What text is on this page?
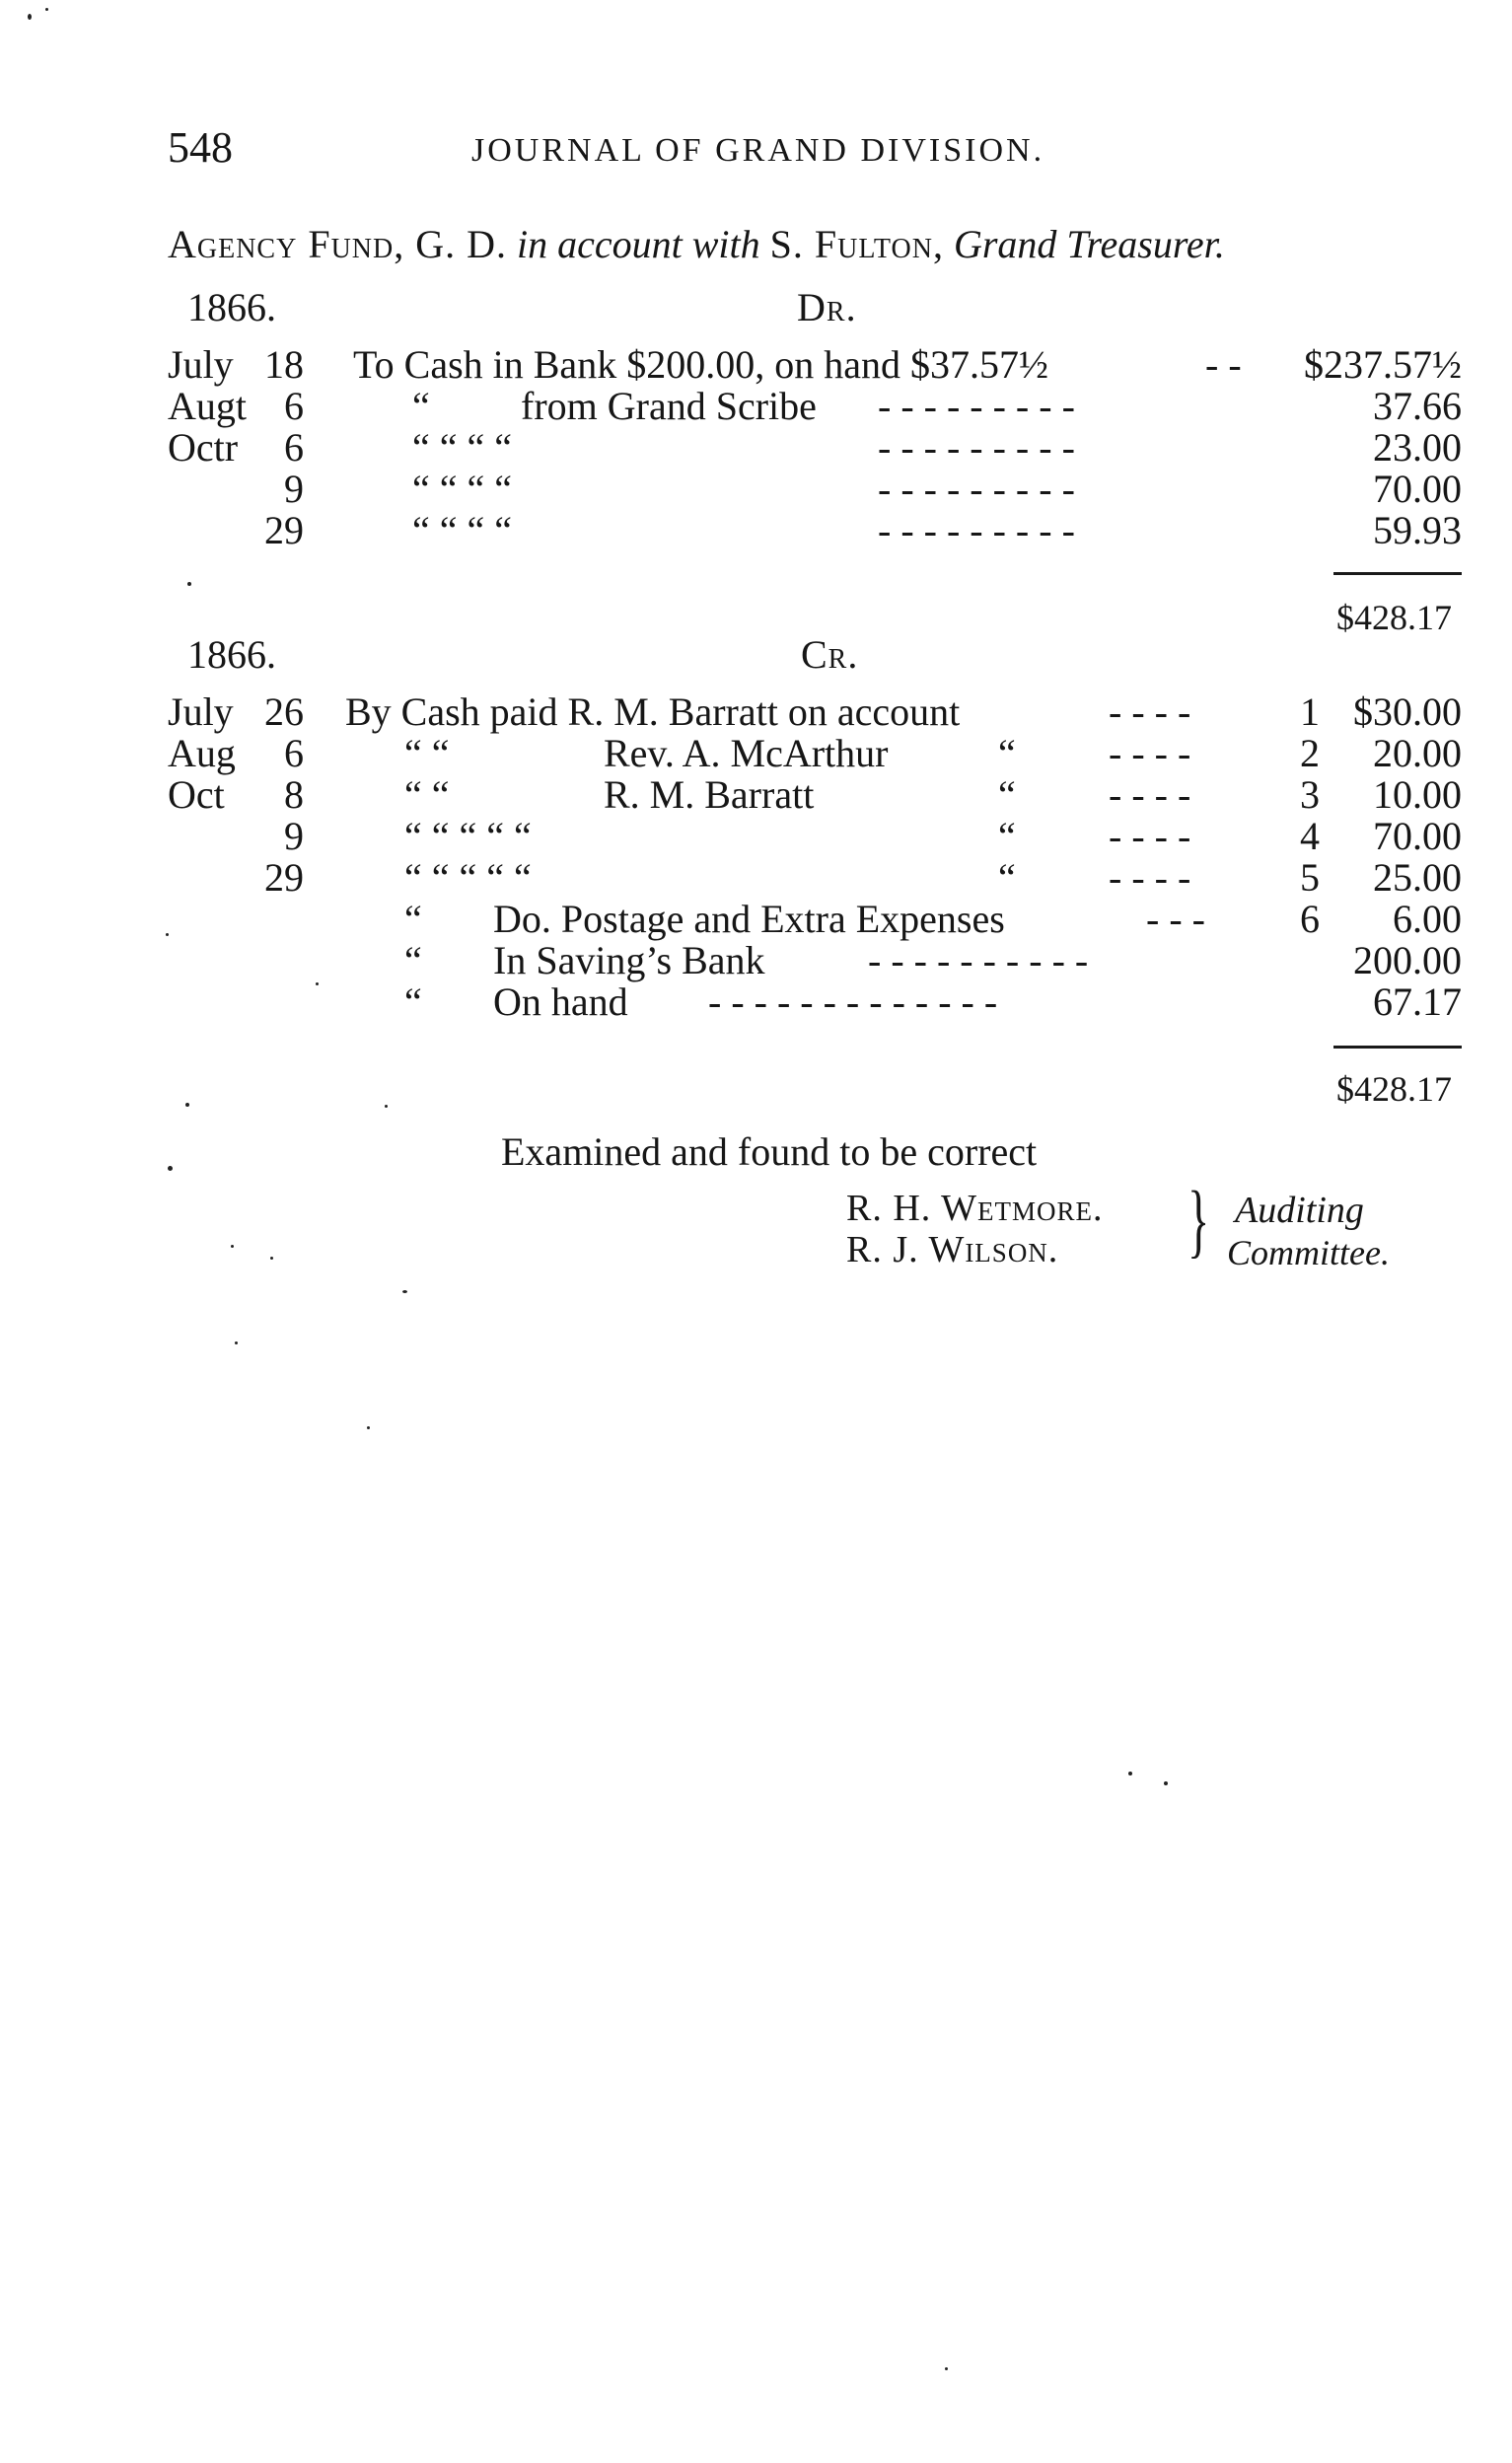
548	JOURNAL OF GRAND DIVISION.
Agency Fund, G. D. in account with S. Fulton, Grand Treasurer.
1866.	Dr.
July 18 To Cash in Bank $200.00, on hand $37.57½	- -	$237.57½
Augt 6	“ from Grand Scribe - - - - - - - - -	37.66
Octr	6	“ “ “ “	- - - - - - - - -	23.00
9	“ “ “ “	- - - - - - - - -	70.00
29	“ “ “ “	- - - - - - - - -	59.93
$428.17
1866.	Cr.
July 26 By Cash paid R. M. Barratt on account	- - - -	1 $30.00
Aug	6	“ “	Rev. A. McArthur	“ - - - -	2	20.00
Oct	8	“ “	R. M. Barratt	“ - - - -	3	10.00
9	“ “ “ “ “	“ - - - -	4	70.00
29	“ “ “ “ “	“ - - - -	5	25.00
“ Do. Postage and Extra Expenses	- - - 6	6.00
“ In Saving’s Bank	- - - - - - - - - -	200.00
“ On hand - - - - - - - - - - - - -	67.17
$428.17
Examined and found to be correct
R. H. Wetmore.
R. J. Wilson. } Auditing
Committee.
